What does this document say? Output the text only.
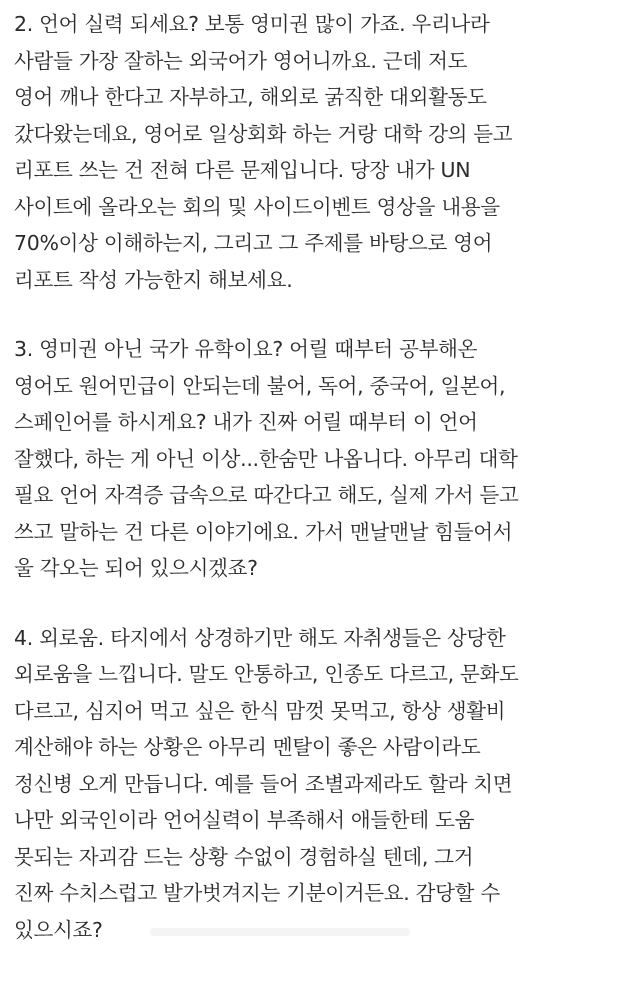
2. 언어 실력 되세요? 보통 영미권 많이 가죠. 우리나라
사람들 가장 잘하는 외국어가 영어니까요. 근데 저도
영어 깨나 한다고 자부하고, 해외로 굵직한 대외활동도
갔다왔는데요, 영어로 일상회화 하는 거랑 대학 강의 듣고
리포트 쓰는 건 전혀 다른 문제입니다. 당장 내가 UN
사이트에 올라오는 회의 및 사이드이벤트 영상을 내용을
70%이상 이해하는지, 그리고 그 주제를 바탕으로 영어
리포트 작성 가능한지 해보세요.
3. 영미권 아닌 국가 유학이요? 어릴 때부터 공부해온
영어도 원어민급이 안되는데 불어, 독어, 중국어, 일본어,
스페인어를 하시게요? 내가 진짜 어릴 때부터 이 언어
잘했다, 하는 게 아닌 이상...한숨만 나옵니다. 아무리 대학
필요 언어 자격증 급속으로 따간다고 해도, 실제 가서 듣고
쓰고 말하는 건 다른 이야기에요. 가서 맨날맨날 힘들어서
울 각오는 되어 있으시겠죠?
4. 외로움. 타지에서 상경하기만 해도 자취생들은 상당한
외로움을 느낍니다. 말도 안통하고, 인종도 다르고, 문화도
다르고, 심지어 먹고 싶은 한식 맘껏 못먹고, 항상 생활비
계산해야 하는 상황은 아무리 멘탈이 좋은 사람이라도
정신병 오게 만듭니다. 예를 들어 조별과제라도 할라 치면
나만 외국인이라 언어실력이 부족해서 애들한테 도움
못되는 자괴감 드는 상황 수없이 경험하실 텐데, 그거
진짜 수치스럽고 발가벗겨지는 기분이거든요. 감당할 수
있으시죠?
